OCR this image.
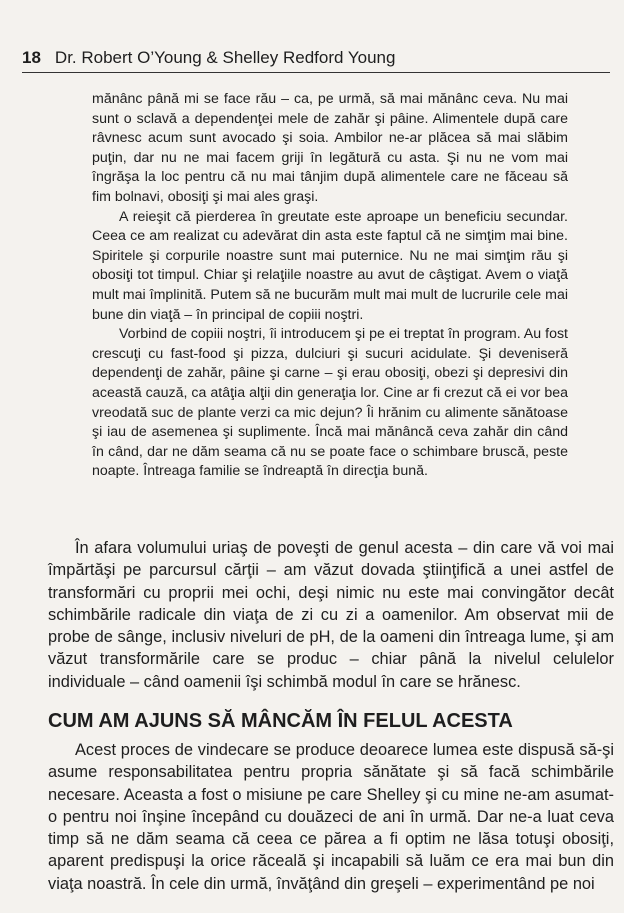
18 Dr. Robert O’Young & Shelley Redford Young

mănânc până mi se face rău – ca, pe urmă, să mai mănânc ceva. Nu mai sunt o sclavă a dependenţei mele de zahăr şi pâine. Alimentele după care râvnesc acum sunt avocado şi soia. Ambilor ne-ar plăcea să mai slăbim puţin, dar nu ne mai facem griji în legătură cu asta. Şi nu ne vom mai îngrăşa la loc pentru că nu mai tânjim după alimentele care ne făceau să fim bolnavi, obosiţi şi mai ales graşi.

A reieşit că pierderea în greutate este aproape un beneficiu secundar. Ceea ce am realizat cu adevărat din asta este faptul că ne simţim mai bine. Spiritele şi corpurile noastre sunt mai puternice. Nu ne mai simţim rău şi obosiţi tot timpul. Chiar şi relaţiile noastre au avut de câştigat. Avem o viaţă mult mai împlinită. Putem să ne bucurăm mult mai mult de lucrurile cele mai bune din viaţă – în principal de copiii noştri.

Vorbind de copiii noştri, îi introducem şi pe ei treptat în program. Au fost crescuţi cu fast-food şi pizza, dulciuri şi sucuri acidulate. Şi deveniseră dependenţi de zahăr, pâine şi carne – şi erau obosiţi, obezi şi depresivi din această cauză, ca atâţia alţii din generaţia lor. Cine ar fi crezut că ei vor bea vreodată suc de plante verzi ca mic dejun? Îi hrănim cu alimente sănătoase şi iau de asemenea şi suplimente. Încă mai mănâncă ceva zahăr din când în când, dar ne dăm seama că nu se poate face o schimbare bruscă, peste noapte. Întreaga familie se îndreaptă în direcţia bună.

În afara volumului uriaş de poveşti de genul acesta – din care vă voi mai împărtăşi pe parcursul cărţii – am văzut dovada ştiinţifică a unei astfel de transformări cu proprii mei ochi, deşi nimic nu este mai convingător decât schimbările radicale din viaţa de zi cu zi a oamenilor. Am observat mii de probe de sânge, inclusiv niveluri de pH, de la oameni din întreaga lume, şi am văzut transformările care se produc – chiar până la nivelul celulelor individuale – când oamenii îşi schimbă modul în care se hrănesc.

CUM AM AJUNS SĂ MÂNCĂM ÎN FELUL ACESTA

Acest proces de vindecare se produce deoarece lumea este dispusă să-şi asume responsabilitatea pentru propria sănătate şi să facă schimbările necesare. Aceasta a fost o misiune pe care Shelley şi cu mine ne-am asumat-o pentru noi înşine începând cu douăzeci de ani în urmă. Dar ne-a luat ceva timp să ne dăm seama că ceea ce părea a fi optim ne lăsa totuşi obosiţi, aparent predispuşi la orice răceală şi incapabili să luăm ce era mai bun din viaţa noastră. În cele din urmă, învăţând din greşeli – experimentând pe noi
